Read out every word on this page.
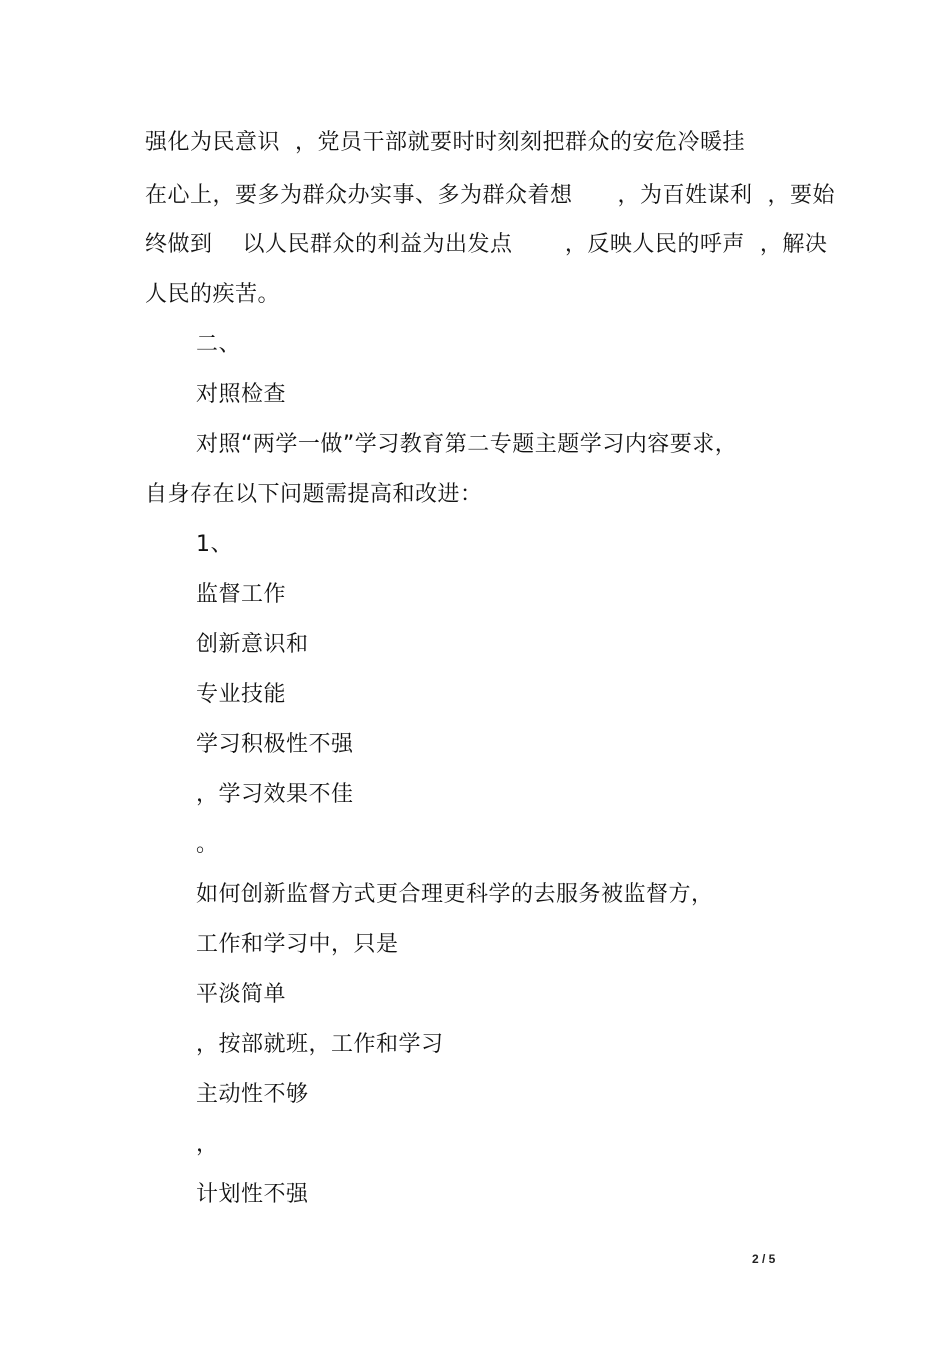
强化为民意识  ，党员干部就要时时刻刻把群众的安危冷暖挂
在心上，要多为群众办实事、多为群众着想      ，为百姓谋利  ，要始
终做到    以人民群众的利益为出发点       ，反映人民的呼声  ，解决
人民的疾苦。
二、
对照检查
对照“两学一做”学习教育第二专题主题学习内容要求，
自身存在以下问题需提高和改进：
1、
监督工作
创新意识和
专业技能
学习积极性不强
，学习效果不佳
。
如何创新监督方式更合理更科学的去服务被监督方，
工作和学习中，只是
平淡简单
，按部就班，工作和学习
主动性不够
，
计划性不强
2 / 5
